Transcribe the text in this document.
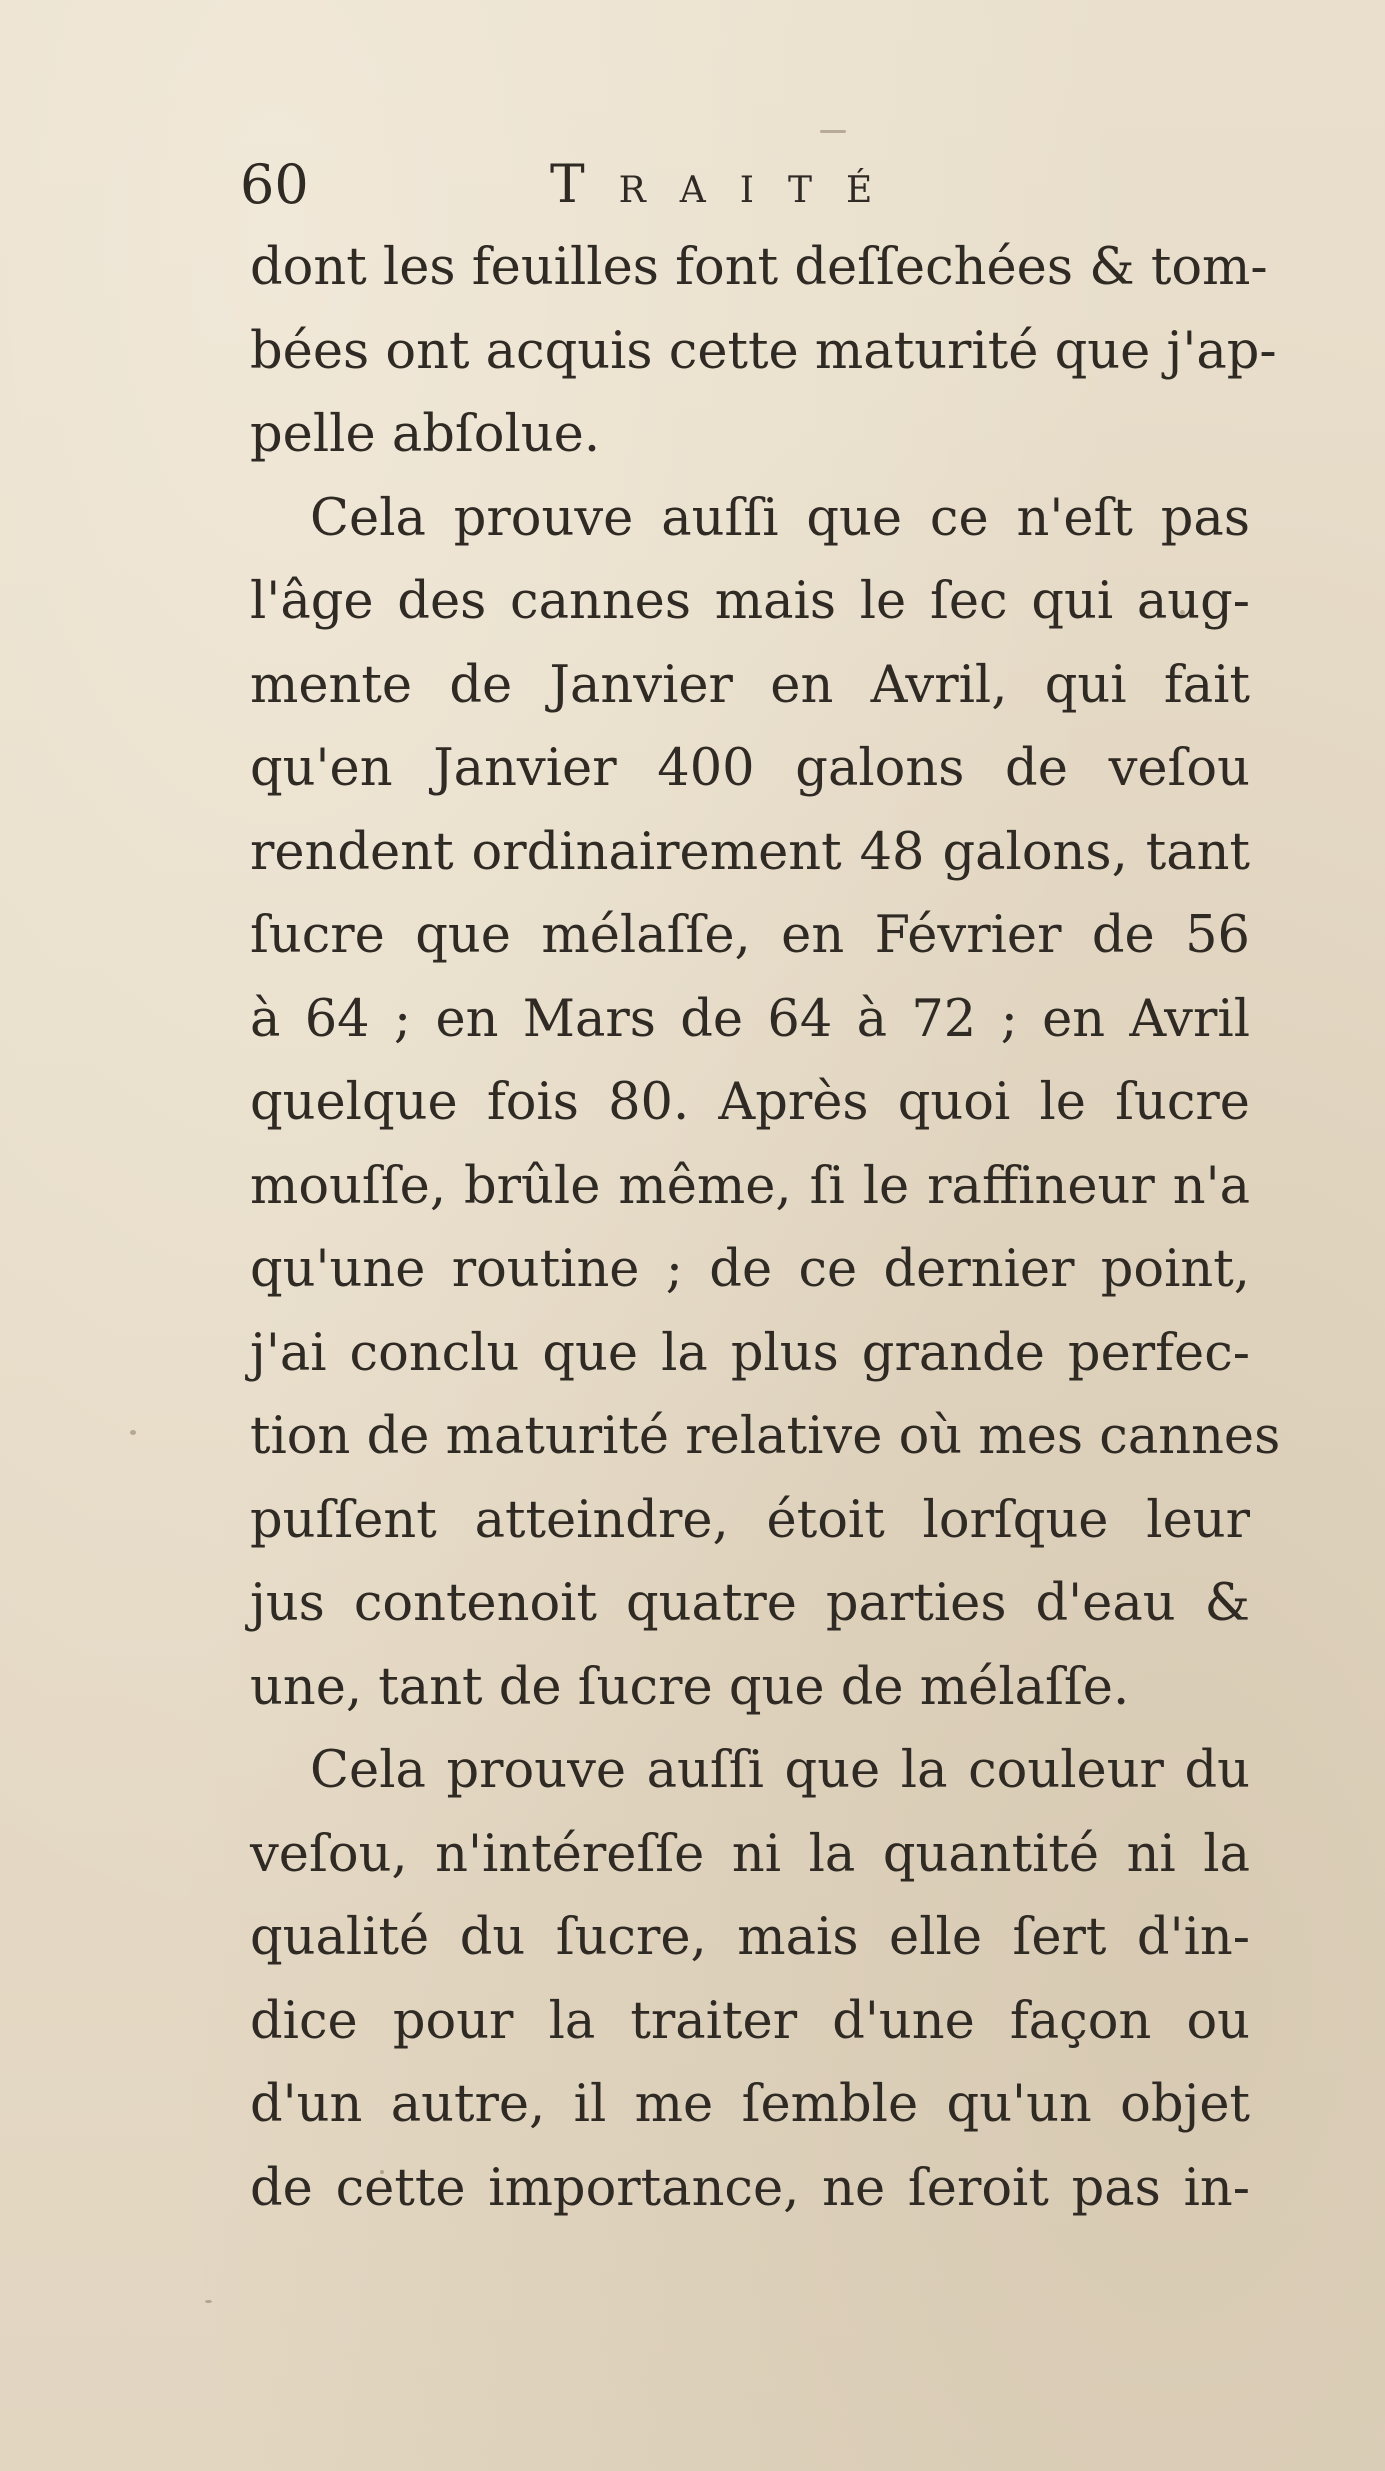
60	Traité
dont les feuilles font deſſechées & tom-
bées ont acquis cette maturité que j'ap-
pelle abſolue.
Cela prouve auſſi que ce n'eſt pas
l'âge des cannes mais le ſec qui aug-
mente de Janvier en Avril, qui fait
qu'en Janvier 400 galons de veſou
rendent ordinairement 48 galons, tant
ſucre que mélaſſe, en Février de 56
à 64 ; en Mars de 64 à 72 ; en Avril
quelque fois 80. Après quoi le ſucre
mouſſe, brûle même, ſi le raffineur n'a
qu'une routine ; de ce dernier point,
j'ai conclu que la plus grande perfec-
tion de maturité relative où mes cannes
puſſent atteindre, étoit lorſque leur
jus contenoit quatre parties d'eau &
une, tant de ſucre que de mélaſſe.
Cela prouve auſſi que la couleur du
veſou, n'intéreſſe ni la quantité ni la
qualité du ſucre, mais elle ſert d'in-
dice pour la traiter d'une façon ou
d'un autre, il me ſemble qu'un objet
de cette importance, ne ſeroit pas in-
